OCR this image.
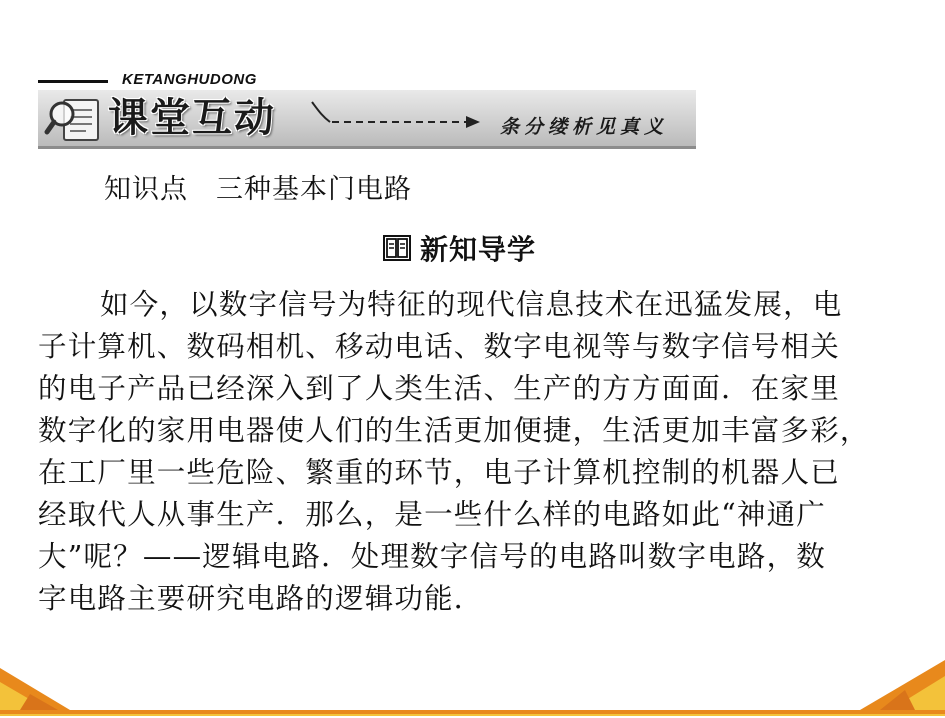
KETANGHUDONG
课堂互动	条分缕析见真义
知识点　三种基本门电路
新知导学
如今，以数字信号为特征的现代信息技术在迅猛发展，电
子计算机、数码相机、移动电话、数字电视等与数字信号相关
的电子产品已经深入到了人类生活、生产的方方面面．在家里
数字化的家用电器使人们的生活更加便捷，生活更加丰富多彩，
在工厂里一些危险、繁重的环节，电子计算机控制的机器人已
经取代人从事生产．那么，是一些什么样的电路如此“神通广
大”呢？——逻辑电路．处理数字信号的电路叫数字电路，数
字电路主要研究电路的逻辑功能．
